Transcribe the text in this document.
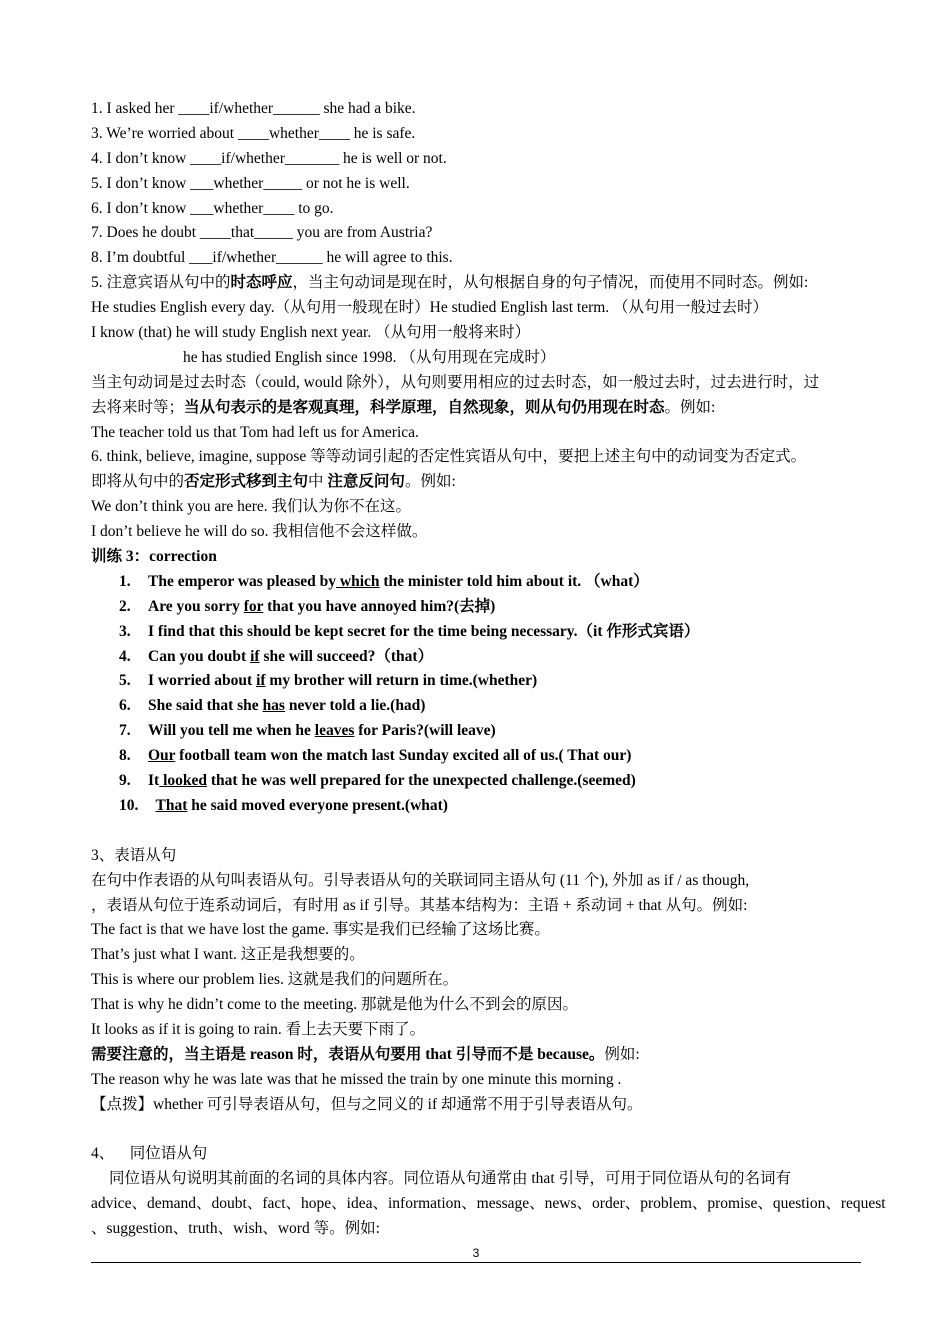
1. I asked her ____if/whether______ she had a bike.
3. We’re worried about ____whether____ he is safe.
4. I don’t know ____if/whether_______ he is well or not.
5. I don’t know ___whether_____ or not he is well.
6. I don’t know ___whether____ to go.
7. Does he doubt ____that_____ you are from Austria?
8. I’m doubtful ___if/whether______ he will agree to this.
5. 注意宾语从句中的时态呼应，当主句动词是现在时，从句根据自身的句子情况，而使用不同时态。例如:
He studies English every day.（从句用一般现在时）He studied English last term. （从句用一般过去时）
I know (that) he will study English next year. （从句用一般将来时）
he has studied English since 1998. （从句用现在完成时）
当主句动词是过去时态（could, would 除外），从句则要用相应的过去时态，如一般过去时，过去进行时，过
去将来时等；当从句表示的是客观真理，科学原理，自然现象，则从句仍用现在时态。例如:
The teacher told us that Tom had left us for America.
6. think, believe, imagine, suppose 等等动词引起的否定性宾语从句中，要把上述主句中的动词变为否定式。
即将从句中的否定形式移到主句中 注意反问句。例如:
We don’t think you are here. 我们认为你不在这。
I don’t believe he will do so. 我相信他不会这样做。
训练 3：correction
1. The emperor was pleased by which the minister told him about it. （what）
2. Are you sorry for that you have annoyed him?(去掉)
3. I find that this should be kept secret for the time being necessary.（it 作形式宾语）
4. Can you doubt if she will succeed?（that）
5. I worried about if my brother will return in time.(whether)
6. She said that she has never told a lie.(had)
7. Will you tell me when he leaves for Paris?(will leave)
8. Our football team won the match last Sunday excited all of us.( That our)
9. It looked that he was well prepared for the unexpected challenge.(seemed)
10. That he said moved everyone present.(what)
3、表语从句
在句中作表语的从句叫表语从句。引导表语从句的关联词同主语从句 (11 个), 外加 as if / as though,
，表语从句位于连系动词后，有时用 as if 引导。其基本结构为：主语 + 系动词 + that 从句。例如:
The fact is that we have lost the game. 事实是我们已经输了这场比赛。
That’s just what I want. 这正是我想要的。
This is where our problem lies. 这就是我们的问题所在。
That is why he didn’t come to the meeting. 那就是他为什么不到会的原因。
It looks as if it is going to rain. 看上去天要下雨了。
需要注意的，当主语是 reason 时，表语从句要用 that 引导而不是 because。例如:
The reason why he was late was that he missed the train by one minute this morning .
【点拨】whether 可引导表语从句，但与之同义的 if 却通常不用于引导表语从句。
4、    同位语从句
同位语从句说明其前面的名词的具体内容。同位语从句通常由 that 引导，可用于同位语从句的名词有
advice、demand、doubt、fact、hope、idea、information、message、news、order、problem、promise、question、request
、suggestion、truth、wish、word 等。例如:
3
